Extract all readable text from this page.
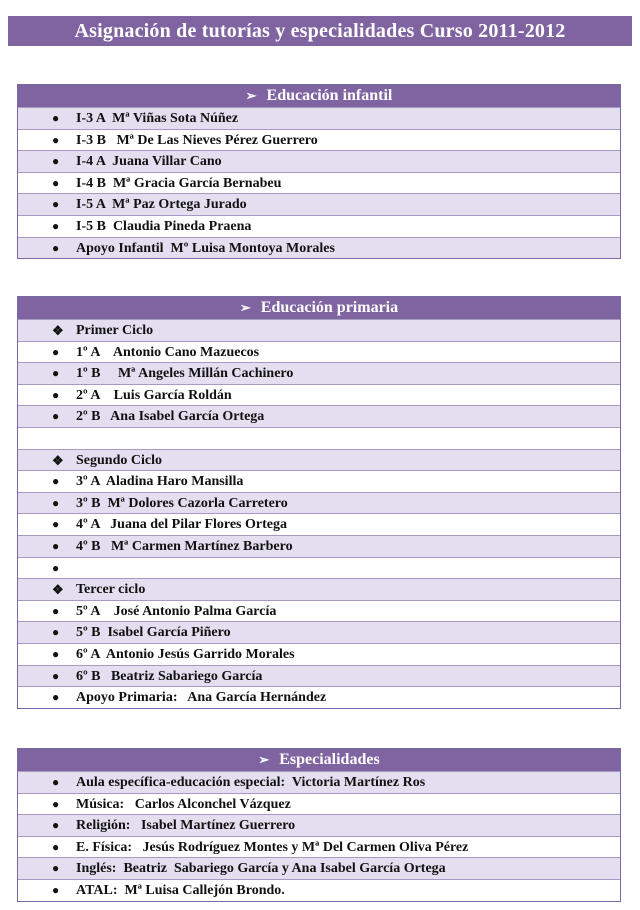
Asignación de tutorías y especialidades Curso 2011-2012
➢ Educación infantil
● I-3 A  Mª Viñas Sota Núñez
● I-3 B   Mª De Las Nieves Pérez Guerrero
● I-4 A  Juana Villar Cano
● I-4 B  Mª Gracia García Bernabeu
● I-5 A  Mª Paz Ortega Jurado
● I-5 B  Claudia Pineda Praena
● Apoyo Infantil  Mº Luisa Montoya Morales
➢ Educación primaria
❖ Primer Ciclo
● 1º A    Antonio Cano Mazuecos
● 1º B     Mª Angeles Millán Cachinero
● 2º A    Luis García Roldán
● 2º B   Ana Isabel García Ortega
❖ Segundo Ciclo
● 3º A  Aladina Haro Mansilla
● 3º B  Mª Dolores Cazorla Carretero
● 4º A   Juana del Pilar Flores Ortega
● 4º B   Mª Carmen Martínez Barbero
●
❖ Tercer ciclo
● 5º A    José Antonio Palma García
● 5º B  Isabel García Piñero
● 6º A  Antonio Jesús Garrido Morales
● 6º B   Beatriz Sabariego García
● Apoyo Primaria:   Ana García Hernández
➢ Especialidades
● Aula específica-educación especial:  Victoria Martínez Ros
● Música:   Carlos Alconchel Vázquez
● Religión:   Isabel Martínez Guerrero
● E. Física:   Jesús Rodríguez Montes y Mª Del Carmen Oliva Pérez
● Inglés:  Beatriz  Sabariego García y Ana Isabel García Ortega
● ATAL:  Mª Luisa Callejón Brondo.
